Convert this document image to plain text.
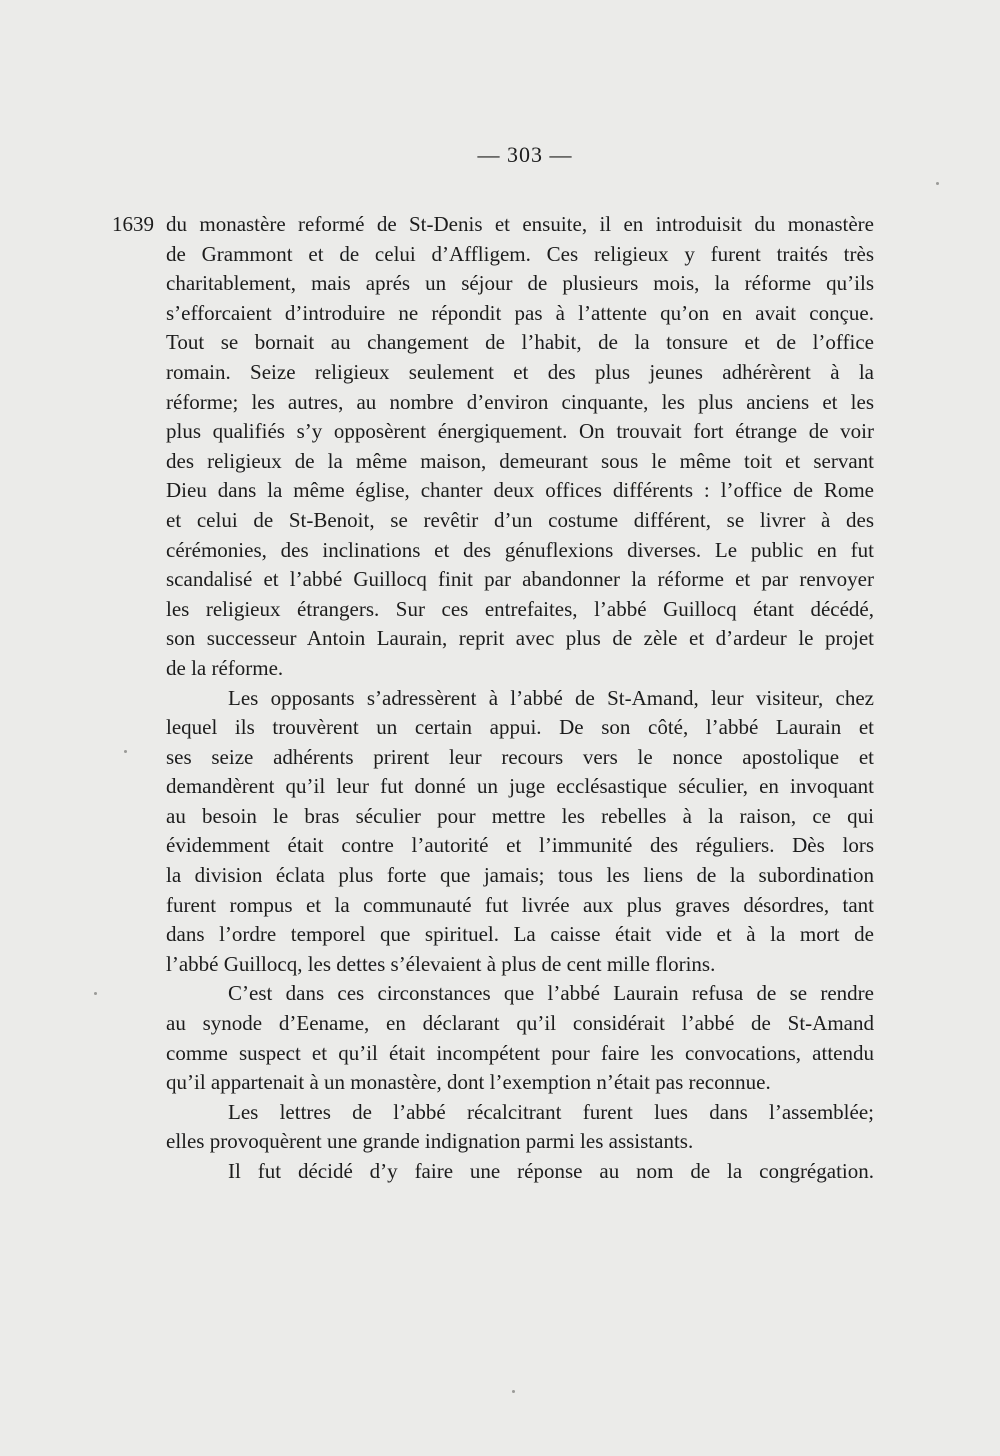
— 303 —
1639 du monastère reformé de St-Denis et ensuite, il en introduisit du monastère
de Grammont et de celui d’Affligem. Ces religieux y furent traités très
charitablement, mais aprés un séjour de plusieurs mois, la réforme qu’ils
s’efforcaient d’introduire ne répondit pas à l’attente qu’on en avait conçue.
Tout se bornait au changement de l’habit, de la tonsure et de l’office
romain. Seize religieux seulement et des plus jeunes adhérèrent à la
réforme; les autres, au nombre d’environ cinquante, les plus anciens et les
plus qualifiés s’y opposèrent énergiquement. On trouvait fort étrange de voir
des religieux de la même maison, demeurant sous le même toit et servant
Dieu dans la même église, chanter deux offices différents : l’office de Rome
et celui de St-Benoit, se revêtir d’un costume différent, se livrer à des
cérémonies, des inclinations et des génuflexions diverses. Le public en fut
scandalisé et l’abbé Guillocq finit par abandonner la réforme et par renvoyer
les religieux étrangers. Sur ces entrefaites, l’abbé Guillocq étant décédé,
son successeur Antoin Laurain, reprit avec plus de zèle et d’ardeur le projet
de la réforme.
Les opposants s’adressèrent à l’abbé de St-Amand, leur visiteur, chez
lequel ils trouvèrent un certain appui. De son côté, l’abbé Laurain et
ses seize adhérents prirent leur recours vers le nonce apostolique et
demandèrent qu’il leur fut donné un juge ecclésastique séculier, en invoquant
au besoin le bras séculier pour mettre les rebelles à la raison, ce qui
évidemment était contre l’autorité et l’immunité des réguliers. Dès lors
la division éclata plus forte que jamais; tous les liens de la subordination
furent rompus et la communauté fut livrée aux plus graves désordres, tant
dans l’ordre temporel que spirituel. La caisse était vide et à la mort de
l’abbé Guillocq, les dettes s’élevaient à plus de cent mille florins.
C’est dans ces circonstances que l’abbé Laurain refusa de se rendre
au synode d’Eename, en déclarant qu’il considérait l’abbé de St-Amand
comme suspect et qu’il était incompétent pour faire les convocations, attendu
qu’il appartenait à un monastère, dont l’exemption n’était pas reconnue.
Les lettres de l’abbé récalcitrant furent lues dans l’assemblée;
elles provoquèrent une grande indignation parmi les assistants.
Il fut décidé d’y faire une réponse au nom de la congrégation.
